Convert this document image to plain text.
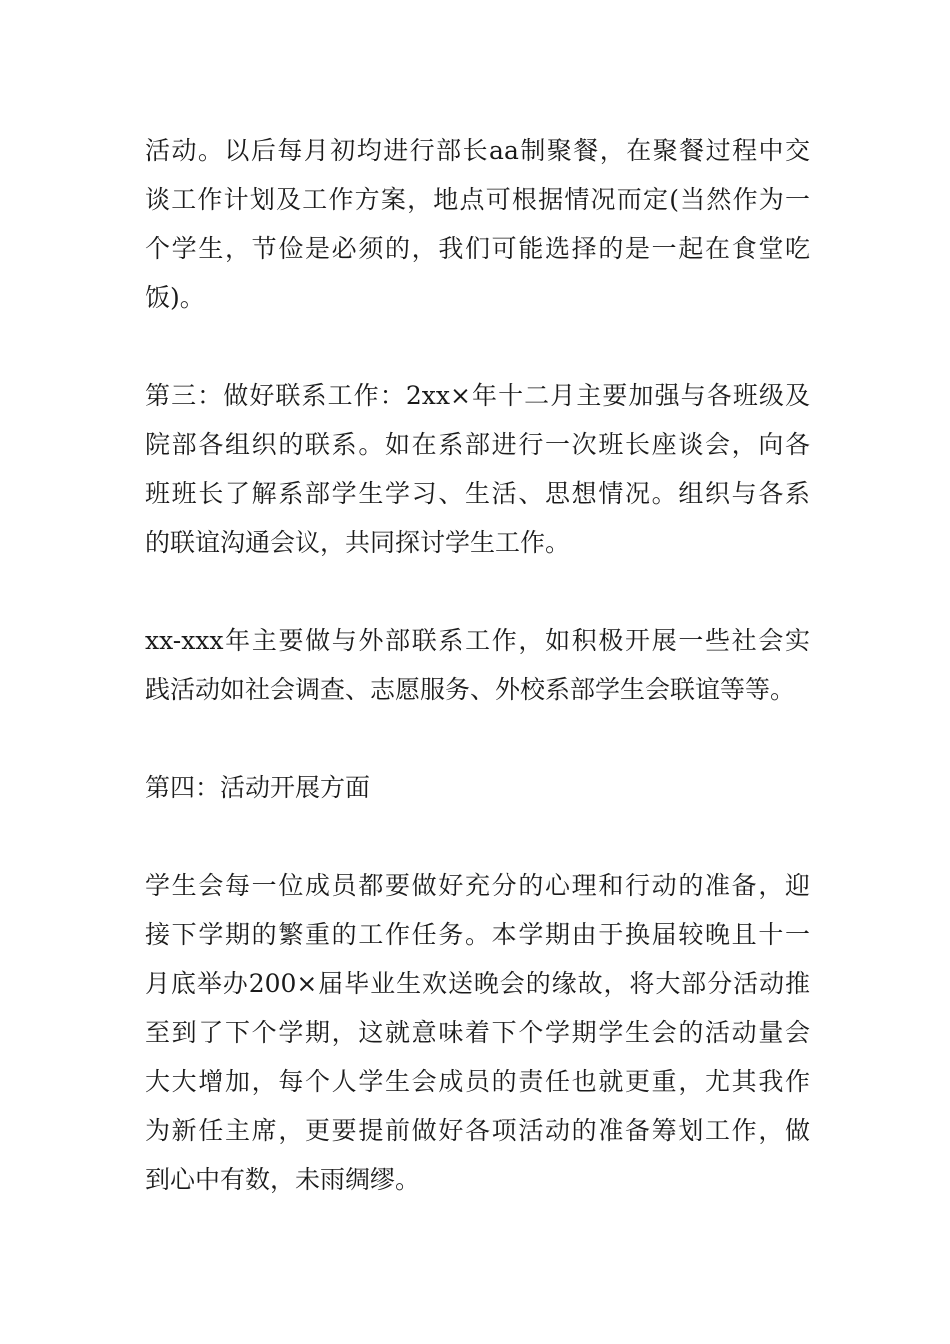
活动。以后每月初均进行部长aa制聚餐，在聚餐过程中交
谈工作计划及工作方案，地点可根据情况而定(当然作为一
个学生，节俭是必须的，我们可能选择的是一起在食堂吃
饭)。

第三：做好联系工作：2xx×年十二月主要加强与各班级及
院部各组织的联系。如在系部进行一次班长座谈会，向各
班班长了解系部学生学习、生活、思想情况。组织与各系
的联谊沟通会议，共同探讨学生工作。

xx-xxx年主要做与外部联系工作，如积极开展一些社会实
践活动如社会调查、志愿服务、外校系部学生会联谊等等。

第四：活动开展方面

学生会每一位成员都要做好充分的心理和行动的准备，迎
接下学期的繁重的工作任务。本学期由于换届较晚且十一
月底举办200×届毕业生欢送晚会的缘故，将大部分活动推
至到了下个学期，这就意味着下个学期学生会的活动量会
大大增加，每个人学生会成员的责任也就更重，尤其我作
为新任主席，更要提前做好各项活动的准备筹划工作，做
到心中有数，未雨绸缪。
